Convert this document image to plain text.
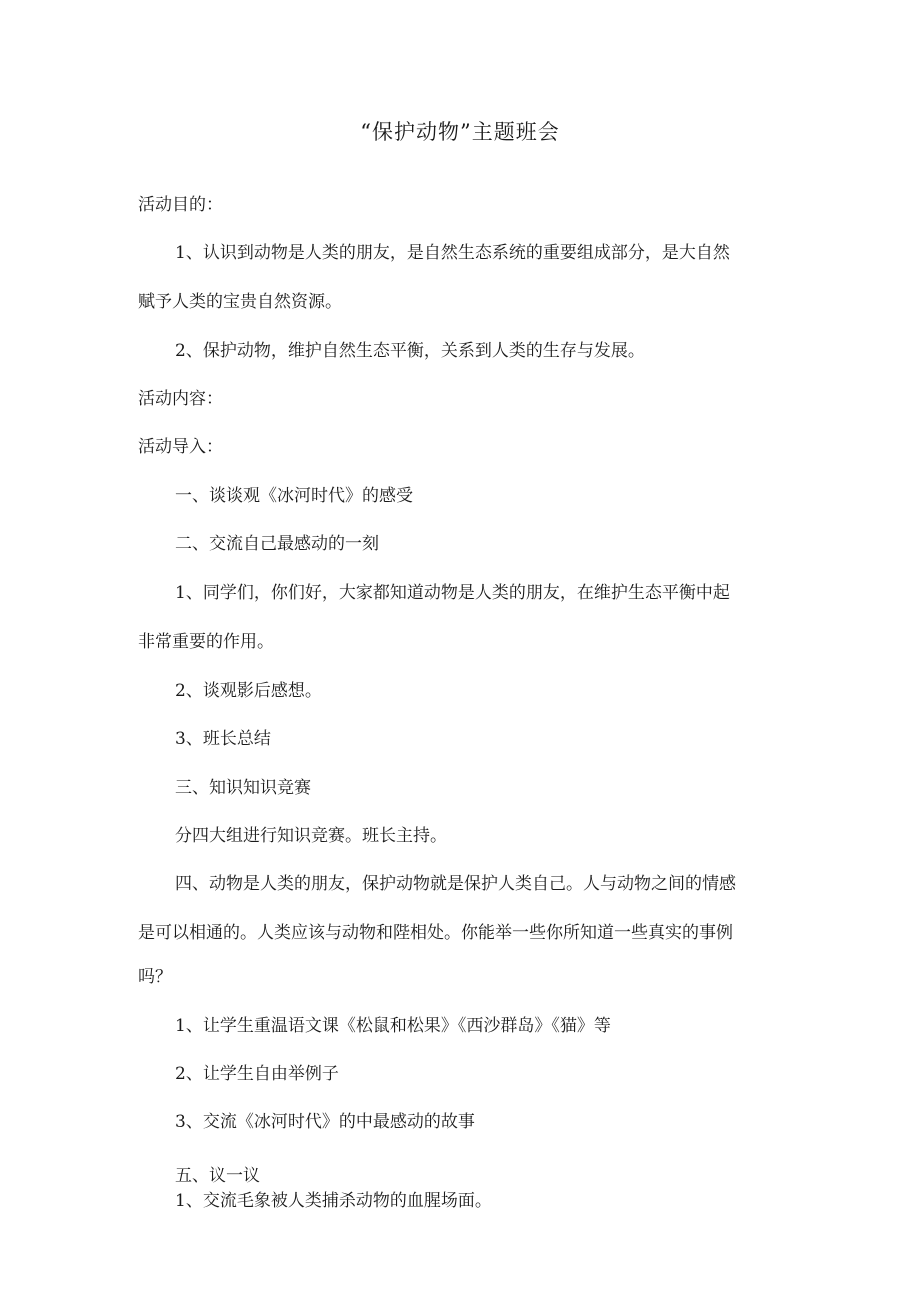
“保护动物”主题班会
活动目的：
1、认识到动物是人类的朋友，是自然生态系统的重要组成部分，是大自然
赋予人类的宝贵自然资源。
2、保护动物，维护自然生态平衡，关系到人类的生存与发展。
活动内容：
活动导入：
一、谈谈观《冰河时代》的感受
二、交流自己最感动的一刻
1、同学们，你们好，大家都知道动物是人类的朋友，在维护生态平衡中起
非常重要的作用。
2、谈观影后感想。
3、班长总结
三、知识知识竞赛
分四大组进行知识竞赛。班长主持。
四、动物是人类的朋友，保护动物就是保护人类自己。人与动物之间的情感
是可以相通的。人类应该与动物和陛相处。你能举一些你所知道一些真实的事例
吗？
1、让学生重温语文课《松鼠和松果》《西沙群岛》《猫》等
2、让学生自由举例子
3、交流《冰河时代》的中最感动的故事
五、议一议
1、交流毛象被人类捕杀动物的血腥场面。
